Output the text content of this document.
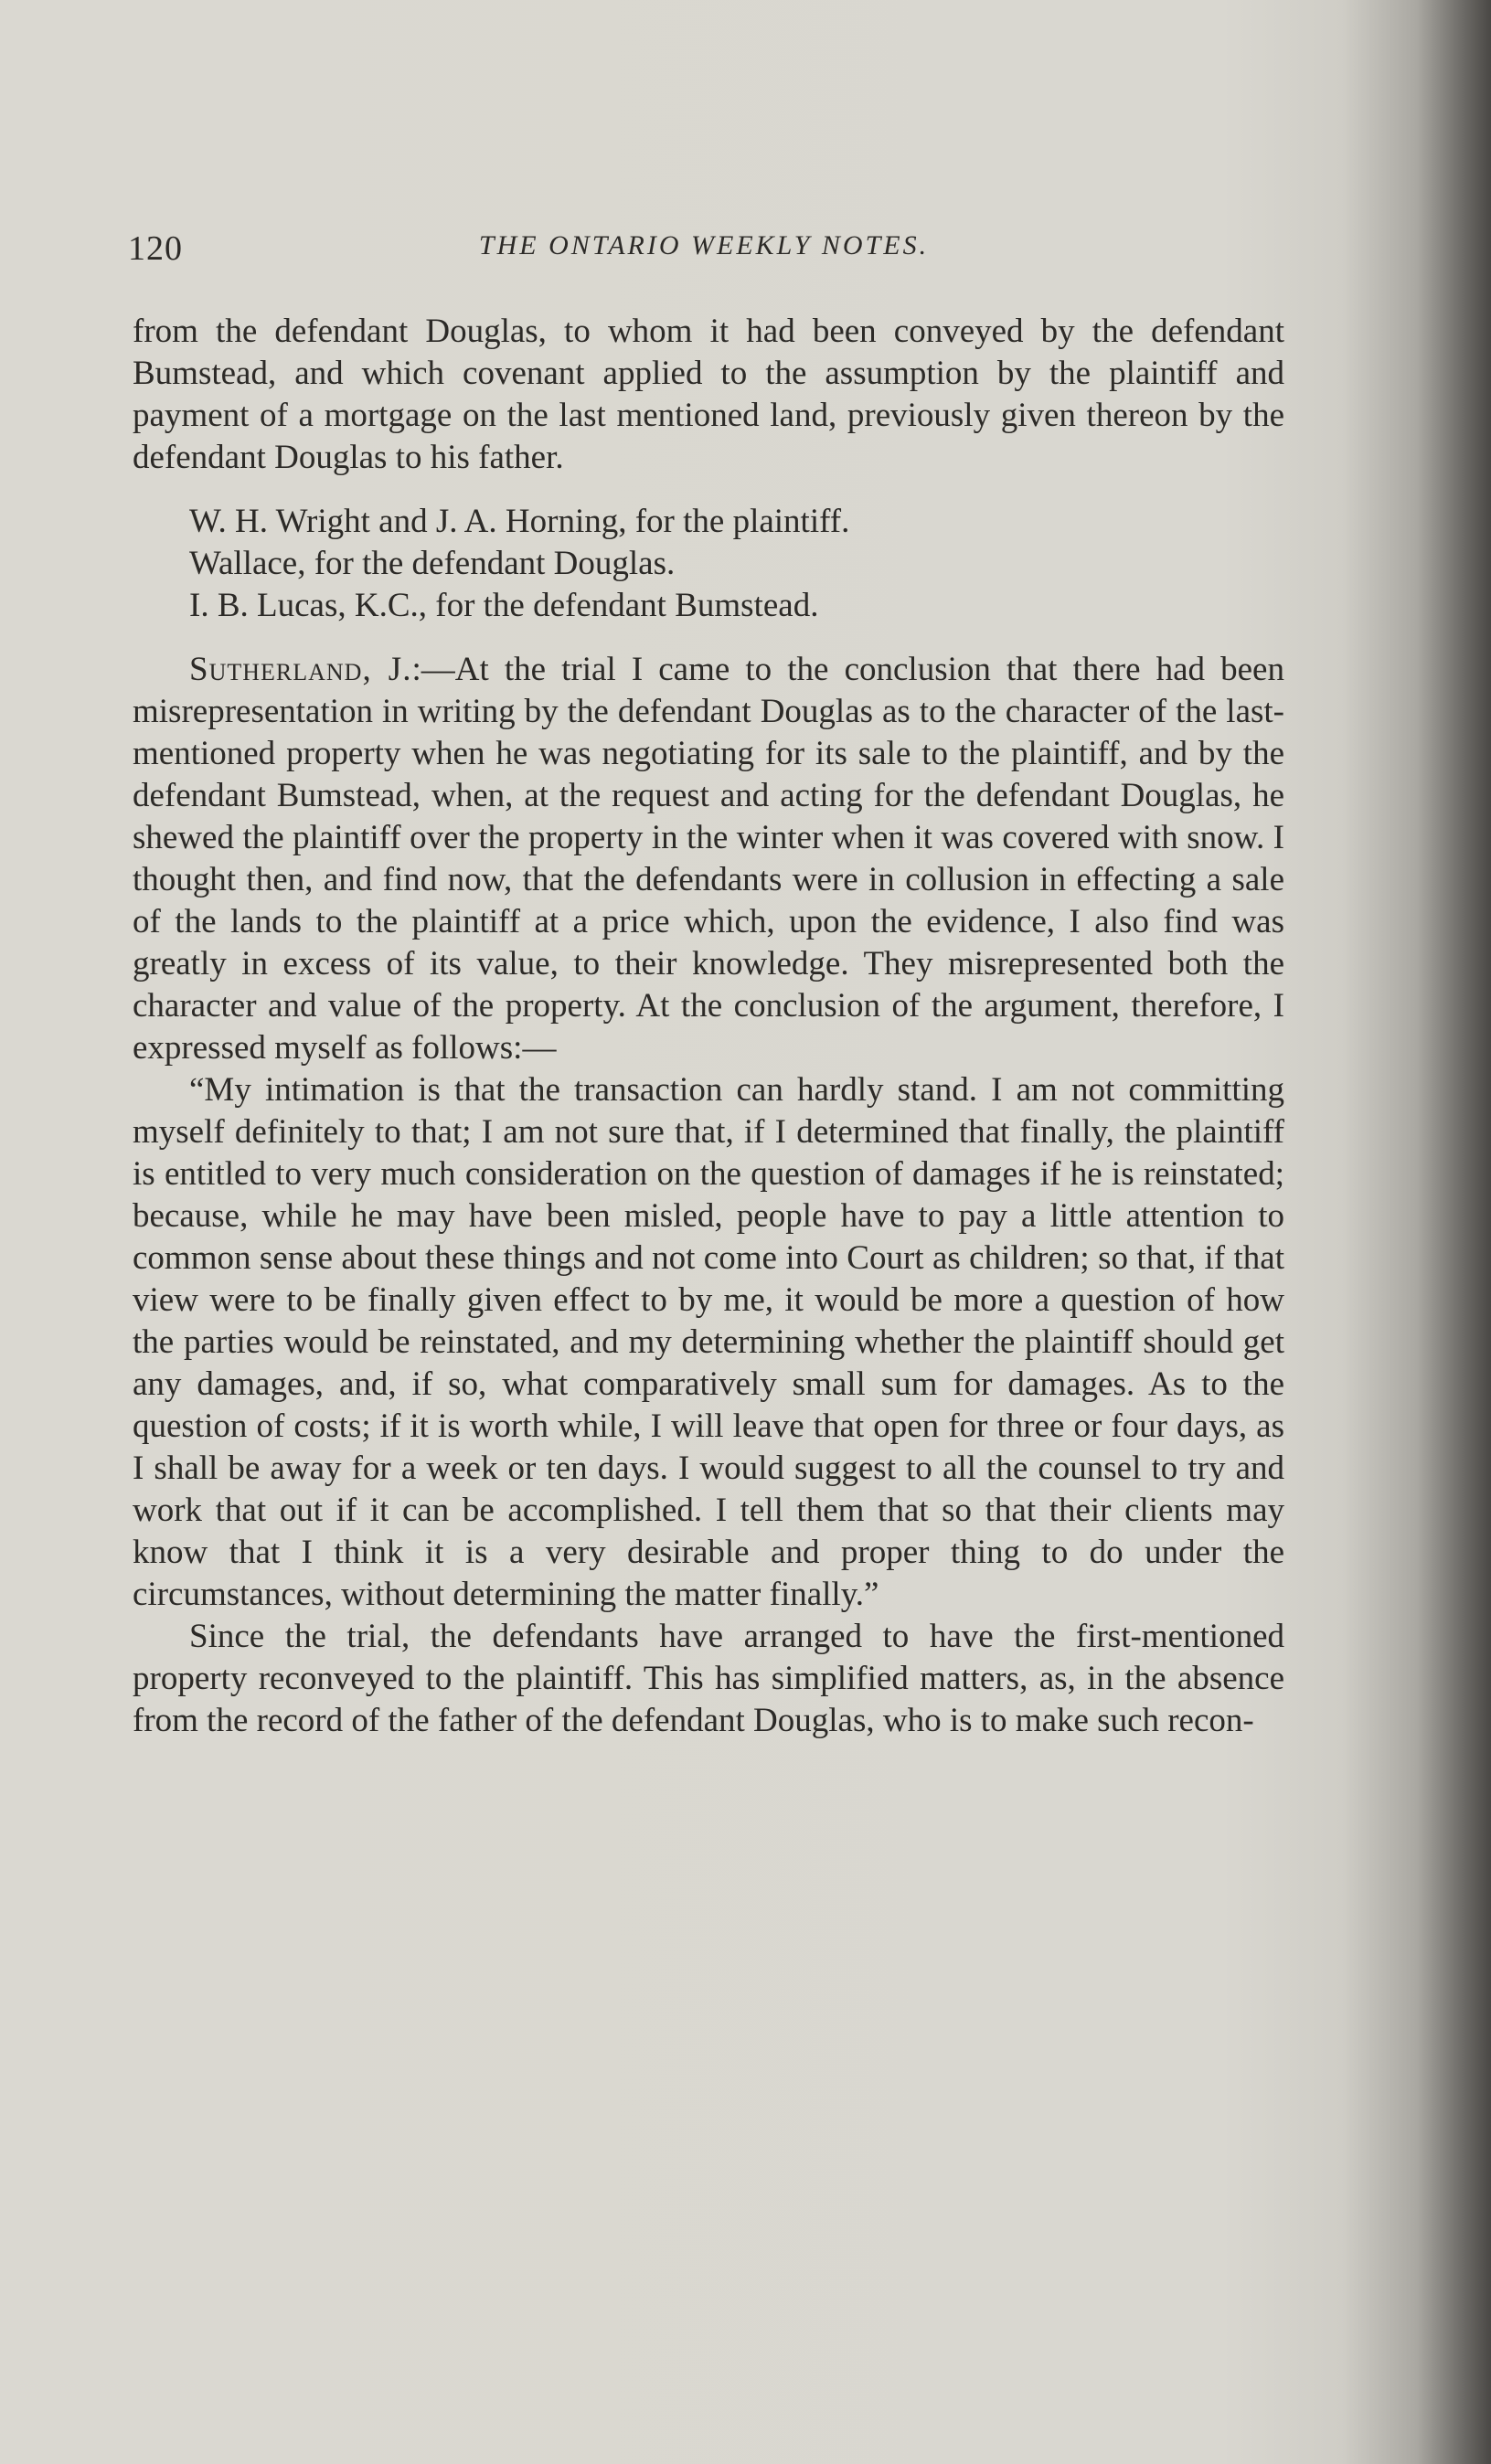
120	THE ONTARIO WEEKLY NOTES.

from the defendant Douglas, to whom it had been conveyed by the defendant Bumstead, and which covenant applied to the assumption by the plaintiff and payment of a mortgage on the last mentioned land, previously given thereon by the defendant Douglas to his father.

W. H. Wright and J. A. Horning, for the plaintiff.
Wallace, for the defendant Douglas.
I. B. Lucas, K.C., for the defendant Bumstead.

Sutherland, J.:—At the trial I came to the conclusion that there had been misrepresentation in writing by the defendant Douglas as to the character of the last-mentioned property when he was negotiating for its sale to the plaintiff, and by the defendant Bumstead, when, at the request and acting for the defendant Douglas, he shewed the plaintiff over the property in the winter when it was covered with snow. I thought then, and find now, that the defendants were in collusion in effecting a sale of the lands to the plaintiff at a price which, upon the evidence, I also find was greatly in excess of its value, to their knowledge. They misrepresented both the character and value of the property. At the conclusion of the argument, therefore, I expressed myself as follows:—

“My intimation is that the transaction can hardly stand. I am not committing myself definitely to that; I am not sure that, if I determined that finally, the plaintiff is entitled to very much consideration on the question of damages if he is reinstated; because, while he may have been misled, people have to pay a little attention to common sense about these things and not come into Court as children; so that, if that view were to be finally given effect to by me, it would be more a question of how the parties would be reinstated, and my determining whether the plaintiff should get any damages, and, if so, what comparatively small sum for damages. As to the question of costs; if it is worth while, I will leave that open for three or four days, as I shall be away for a week or ten days. I would suggest to all the counsel to try and work that out if it can be accomplished. I tell them that so that their clients may know that I think it is a very desirable and proper thing to do under the circumstances, without determining the matter finally.”

Since the trial, the defendants have arranged to have the first-mentioned property reconveyed to the plaintiff. This has simplified matters, as, in the absence from the record of the father of the defendant Douglas, who is to make such recon-
